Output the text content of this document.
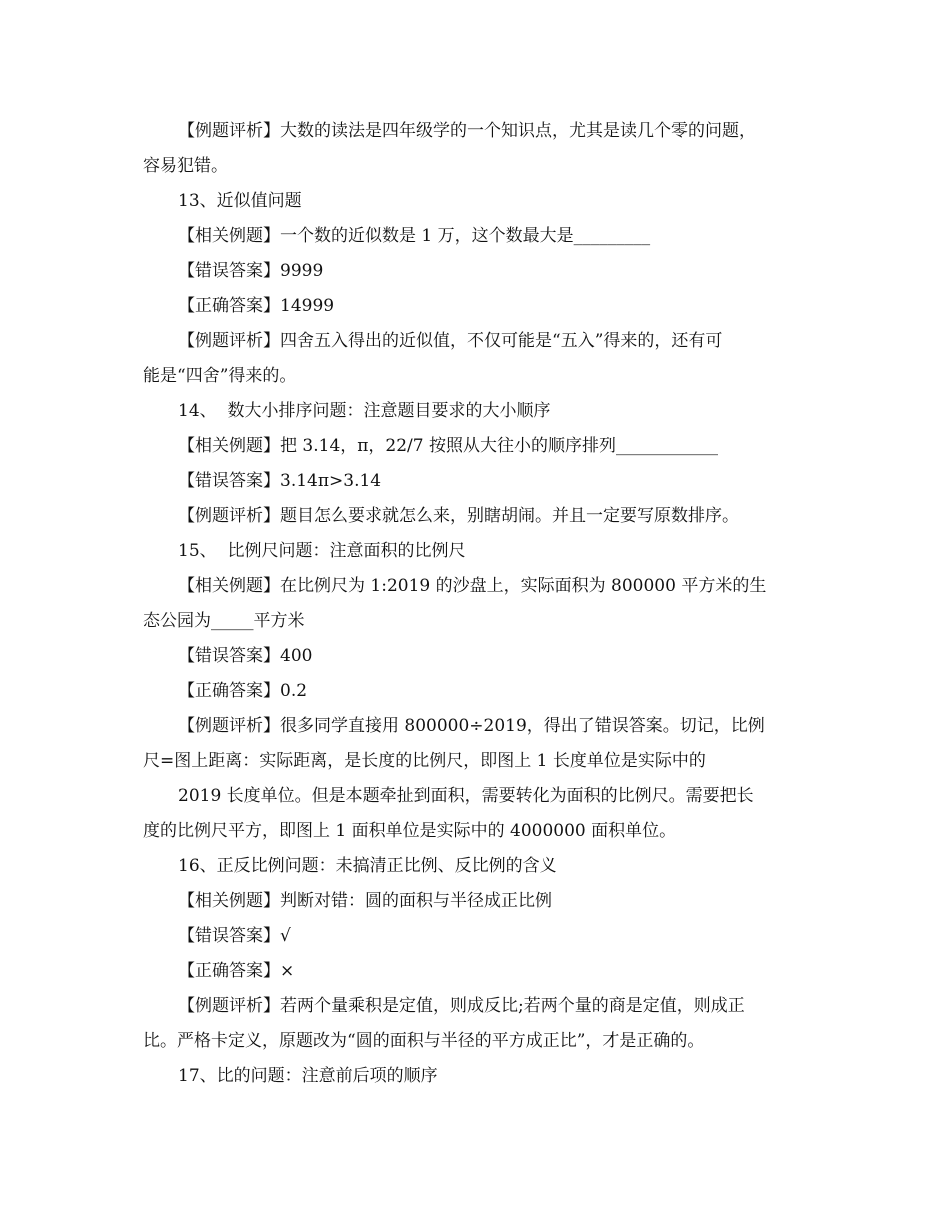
【例题评析】大数的读法是四年级学的一个知识点，尤其是读几个零的问题，

容易犯错。

13、近似值问题

【相关例题】一个数的近似数是 1 万，这个数最大是_________

【错误答案】9999

【正确答案】14999

【例题评析】四舍五入得出的近似值，不仅可能是“五入”得来的，还有可

能是“四舍”得来的。

14、  数大小排序问题：注意题目要求的大小顺序

【相关例题】把 3.14，π，22/7 按照从大往小的顺序排列____________

【错误答案】3.14π>3.14

【例题评析】题目怎么要求就怎么来，别瞎胡闹。并且一定要写原数排序。

15、  比例尺问题：注意面积的比例尺

【相关例题】在比例尺为 1:2019 的沙盘上，实际面积为 800000 平方米的生

态公园为_____平方米

【错误答案】400

【正确答案】0.2

【例题评析】很多同学直接用 800000÷2019，得出了错误答案。切记，比例

尺=图上距离：实际距离，是长度的比例尺，即图上 1 长度单位是实际中的

2019 长度单位。但是本题牵扯到面积，需要转化为面积的比例尺。需要把长

度的比例尺平方，即图上 1 面积单位是实际中的 4000000 面积单位。

16、正反比例问题：未搞清正比例、反比例的含义

【相关例题】判断对错：圆的面积与半径成正比例

【错误答案】√

【正确答案】×

【例题评析】若两个量乘积是定值，则成反比;若两个量的商是定值，则成正

比。严格卡定义，原题改为“圆的面积与半径的平方成正比”，才是正确的。

17、比的问题：注意前后项的顺序
